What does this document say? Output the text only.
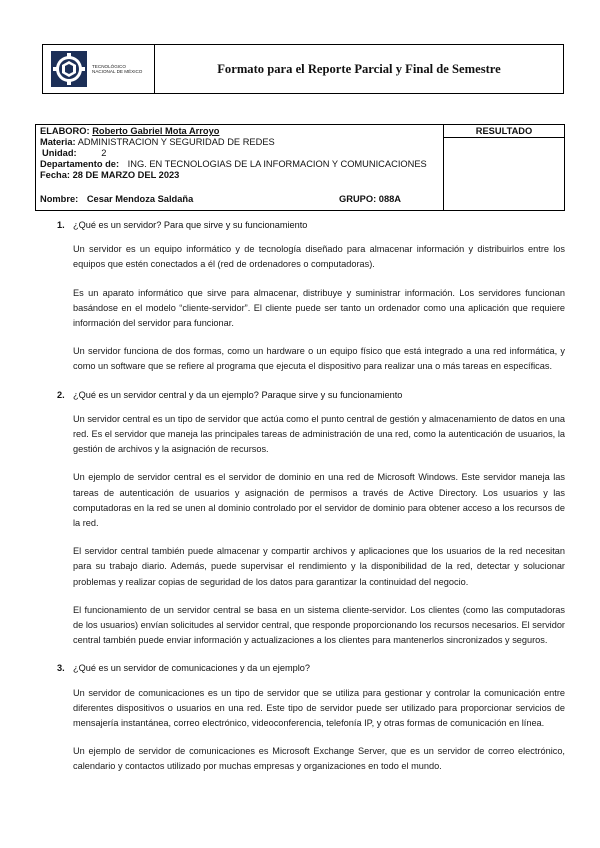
TECNOLÓGICO
NACIONAL DE MÉXICO	Formato para el Reporte Parcial y Final de Semestre
ELABORO: Roberto Gabriel Mota Arroyo
Materia: ADMINISTRACION Y SEGURIDAD DE REDES
Unidad:	2
Departamento de: ING. EN TECNOLOGIAS DE LA INFORMACION Y COMUNICACIONES
Fecha: 28 DE MARZO DEL 2023
Nombre: Cesar Mendoza Saldaña	GRUPO: 088A
RESULTADO
1. ¿Qué es un servidor? Para que sirve y su funcionamiento

Un servidor es un equipo informático y de tecnología diseñado para almacenar información y distribuirlos entre los equipos que estén conectados a él (red de ordenadores o computadoras).

Es un aparato informático que sirve para almacenar, distribuye y suministrar información. Los servidores funcionan basándose en el modelo “cliente-servidor”. El cliente puede ser tanto un ordenador como una aplicación que requiere información del servidor para funcionar.

Un servidor funciona de dos formas, como un hardware o un equipo físico que está integrado a una red informática, y como un software que se refiere al programa que ejecuta el dispositivo para realizar una o más tareas en específicas.

2. ¿Qué es un servidor central y da un ejemplo? Paraque sirve y su funcionamiento

Un servidor central es un tipo de servidor que actúa como el punto central de gestión y almacenamiento de datos en una red. Es el servidor que maneja las principales tareas de administración de una red, como la autenticación de usuarios, la gestión de archivos y la asignación de recursos.

Un ejemplo de servidor central es el servidor de dominio en una red de Microsoft Windows. Este servidor maneja las tareas de autenticación de usuarios y asignación de permisos a través de Active Directory. Los usuarios y las computadoras en la red se unen al dominio controlado por el servidor de dominio para obtener acceso a los recursos de la red.

El servidor central también puede almacenar y compartir archivos y aplicaciones que los usuarios de la red necesitan para su trabajo diario. Además, puede supervisar el rendimiento y la disponibilidad de la red, detectar y solucionar problemas y realizar copias de seguridad de los datos para garantizar la continuidad del negocio.

El funcionamiento de un servidor central se basa en un sistema cliente-servidor. Los clientes (como las computadoras de los usuarios) envían solicitudes al servidor central, que responde proporcionando los recursos necesarios. El servidor central también puede enviar información y actualizaciones a los clientes para mantenerlos sincronizados y seguros.

3. ¿Qué es un servidor de comunicaciones y da un ejemplo?

Un servidor de comunicaciones es un tipo de servidor que se utiliza para gestionar y controlar la comunicación entre diferentes dispositivos o usuarios en una red. Este tipo de servidor puede ser utilizado para proporcionar servicios de mensajería instantánea, correo electrónico, videoconferencia, telefonía IP, y otras formas de comunicación en línea.

Un ejemplo de servidor de comunicaciones es Microsoft Exchange Server, que es un servidor de correo electrónico, calendario y contactos utilizado por muchas empresas y organizaciones en todo el mundo.
